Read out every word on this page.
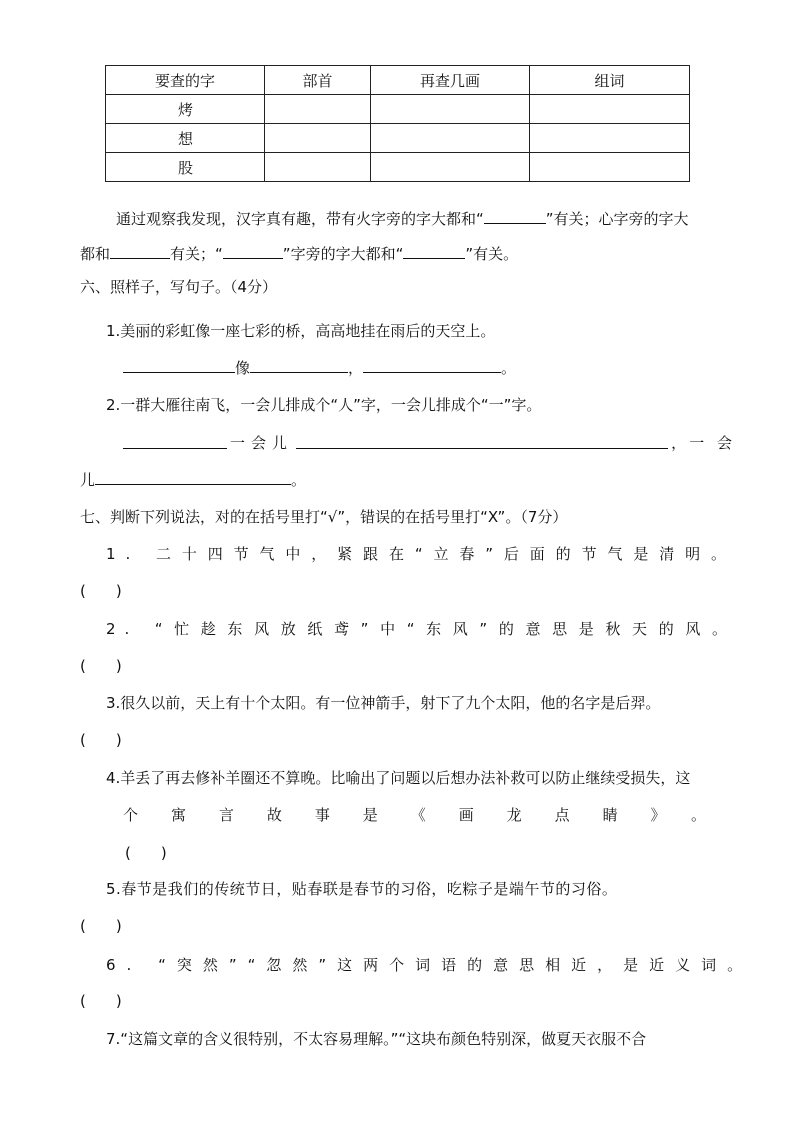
要查的字	部首	再查几画	组词
烤			
想			
股			
通过观察我发现，汉字真有趣，带有火字旁的字大都和“	”有关；心字旁的字大
都和	有关；“	”字旁的字大都和“	”有关。
六、照样子，写句子。（4分）
1.美丽的彩虹像一座七彩的桥，高高地挂在雨后的天空上。
像	，	。
2.一群大雁往南飞，一会儿排成个“人”字，一会儿排成个“一”字。
一会儿	， 一 会
儿	。
七、判断下列说法，对的在括号里打“√”，错误的在括号里打“X”。（7分）
1. 二十四节气中，紧跟在“立春”后面的节气是清明。
(　　)
2. “忙趁东风放纸鸢”中“东风”的意思是秋天的风。
(　　)
3.很久以前，天上有十个太阳。有一位神箭手，射下了九个太阳，他的名字是后羿。
(　　)
4.羊丢了再去修补羊圈还不算晚。比喻出了问题以后想办法补救可以防止继续受损失，这
个寓言故事是《画龙点睛》。
(　　)
5.春节是我们的传统节日，贴春联是春节的习俗，吃粽子是端午节的习俗。
(　　)
6. “突然”“忽然”这两个词语的意思相近，是近义词。
(　　)
7.“这篇文章的含义很特别，不太容易理解。”“这块布颜色特别深，做夏天衣服不合
